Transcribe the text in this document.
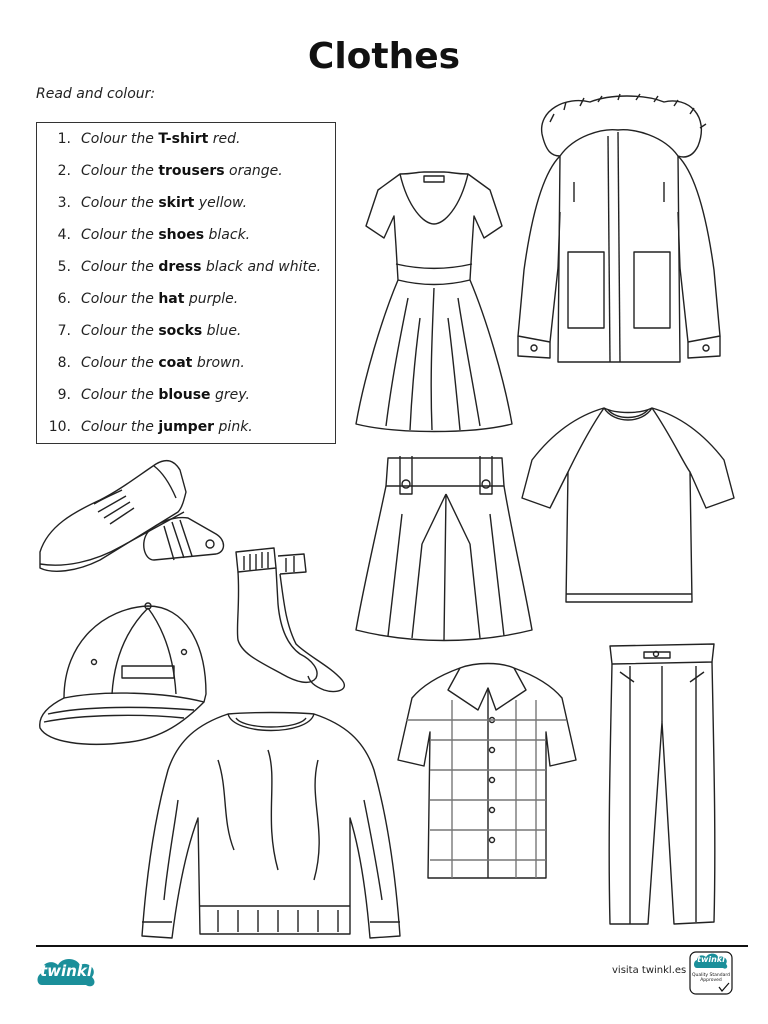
Clothes
Read and colour:
1. Colour the T-shirt red.
2. Colour the trousers orange.
3. Colour the skirt yellow.
4. Colour the shoes black.
5. Colour the dress black and white.
6. Colour the hat purple.
7. Colour the socks blue.
8. Colour the coat brown.
9. Colour the blouse grey.
10. Colour the jumper pink.
twinkl	visita twinkl.es
twinkl
Quality Standard
Approved
